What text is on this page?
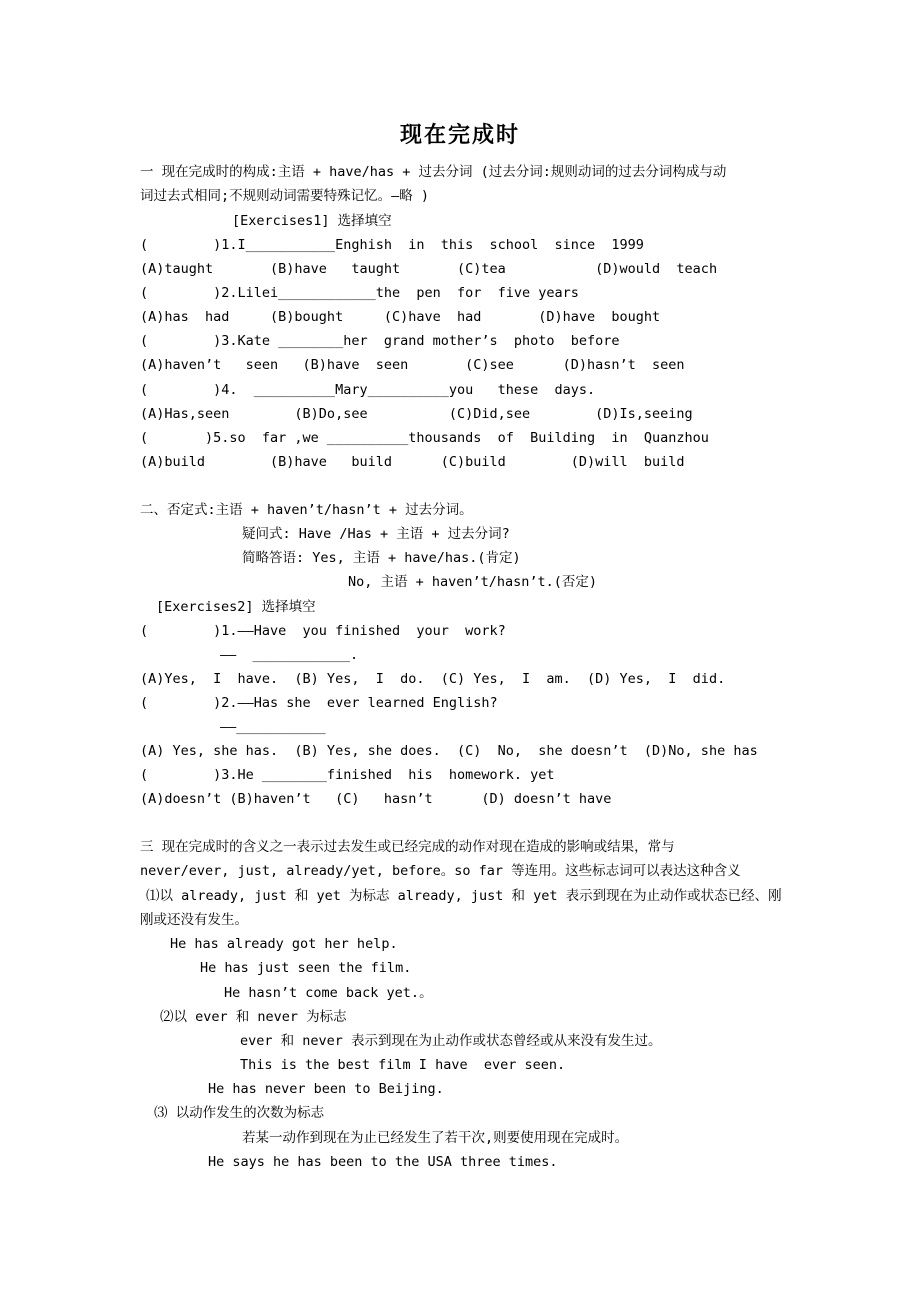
现在完成时
一 现在完成时的构成:主语 + have/has + 过去分词 (过去分词:规则动词的过去分词构成与动
词过去式相同;不规则动词需要特殊记忆。—略 )
[Exercises1] 选择填空
(        )1.I___________Enghish  in  this  school  since  1999
(A)taught       (B)have   taught       (C)tea           (D)would  teach
(        )2.Lilei____________the  pen  for  five years
(A)has  had     (B)bought     (C)have  had       (D)have  bought
(        )3.Kate ________her  grand mother’s  photo  before
(A)haven’t   seen   (B)have  seen       (C)see      (D)hasn’t  seen
(        )4.  __________Mary__________you   these  days.
(A)Has,seen        (B)Do,see          (C)Did,see        (D)Is,seeing
(       )5.so  far ,we __________thousands  of  Building  in  Quanzhou
(A)build        (B)have   build      (C)build        (D)will  build
二、否定式:主语 + haven’t/hasn’t + 过去分词。
疑问式: Have /Has + 主语 + 过去分词?
简略答语: Yes, 主语 + have/has.(肯定)
No, 主语 + haven’t/hasn’t.(否定)
[Exercises2] 选择填空
(        )1.——Have  you finished  your  work?
——  ____________.
(A)Yes,  I  have.  (B) Yes,  I  do.  (C) Yes,  I  am.  (D) Yes,  I  did.
(        )2.——Has she  ever learned English?
——___________
(A) Yes, she has.  (B) Yes, she does.  (C)  No,  she doesn’t  (D)No, she has
(        )3.He ________finished  his  homework. yet
(A)doesn’t (B)haven’t   (C)   hasn’t      (D) doesn’t have
三 现在完成时的含义之一表示过去发生或已经完成的动作对现在造成的影响或结果，常与
never/ever, just, already/yet, before。so far 等连用。这些标志词可以表达这种含义
⑴以 already, just 和 yet 为标志 already, just 和 yet 表示到现在为止动作或状态已经、刚
刚或还没有发生。
He has already got her help.
He has just seen the film.
He hasn’t come back yet.。
⑵以 ever 和 never 为标志
ever 和 never 表示到现在为止动作或状态曾经或从来没有发生过。
This is the best film I have  ever seen.
He has never been to Beijing.
⑶ 以动作发生的次数为标志
若某一动作到现在为止已经发生了若干次,则要使用现在完成时。
He says he has been to the USA three times.
